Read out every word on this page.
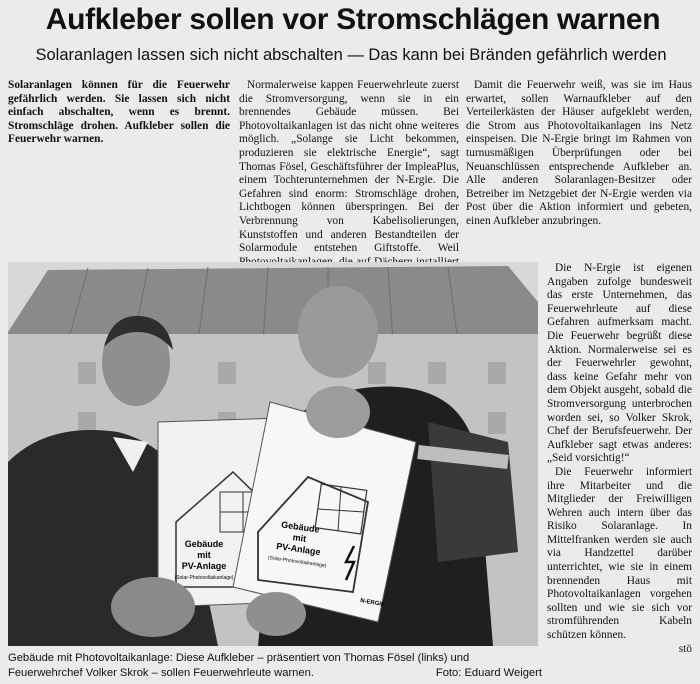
Aufkleber sollen vor Stromschlägen warnen
Solaranlagen lassen sich nicht abschalten — Das kann bei Bränden gefährlich werden

Solaranlagen können für die Feuerwehr gefährlich werden. Sie lassen sich nicht einfach abschalten, wenn es brennt. Stromschläge drohen. Aufkleber sollen die Feuerwehr warnen.

Normalerweise kappen Feuerwehrleute zuerst die Stromversorgung, wenn sie in ein brennendes Gebäude müssen. Bei Photovoltaikanlagen ist das nicht ohne weiteres möglich. „Solange sie Licht bekommen, produzieren sie elektrische Energie“, sagt Thomas Fösel, Geschäftsführer der ImpleaPlus, einem Tochterunternehmen der N-Ergie. Die Gefahren sind enorm: Stromschläge drohen, Lichtbogen können überspringen. Bei der Verbrennung von Kabelisolierungen, Kunststoffen und anderen Bestandteilen der Solarmodule entstehen Giftstoffe. Weil

Damit die Feuerwehr weiß, was sie im Haus erwartet, sollen Warnaufkleber auf den Verteilerkästen der Häuser aufgeklebt werden, die Strom aus Photovoltaikanlagen ins Netz einspeisen. Die N-Ergie bringt im Rahmen von turnusmäßigen Überprüfungen oder bei Neuanschlüssen entsprechende Aufkleber an. Alle anderen Solaranlagen-Besitzer oder Betreiber im Netzgebiet der N-Ergie werden via Post über die Aktion informiert und gebeten, einen Aufkleber anzubringen.

Die N-Ergie ist eigenen Angaben zufolge bundesweit das erste Unternehmen, das Feuerwehrleute auf diese Gefahren aufmerksam macht. Die Feuerwehr begrüßt diese Aktion. Normalerweise sei es der Feuerwehrler gewohnt, dass keine Gefahr mehr von dem Objekt ausgeht, sobald die Stromversorgung unterbrochen worden sei, so Volker Skrok, Chef der Berufsfeuerwehr. Der Aufkleber sagt etwas anderes: „Seid vorsichtig!“

Die Feuerwehr informiert ihre Mitarbeiter und die Mitglieder der Freiwilligen Wehren auch intern über das Risiko Solaranlage. In Mittelfranken werden sie auch via Handzettel darüber unterrichtet, wie sie in einem brennenden Haus mit Photovoltaikanlagen vorgehen sollten und wie sie sich vor stromführenden Kabeln schützen können.

stö

Gebäude
mit
PV-Anlage
(Solar-Photovoltaikanlage)
Gebäude
mit
PV-Anlage
(Solar-Photovoltaikanlage)
N-ERGIE
Gebäude mit Photovoltaikanlage: Diese Aufkleber – präsentiert von Thomas Fösel (links) und
Feuerwehrchef Volker Skrok – sollen Feuerwehrleute warnen.	Foto: Eduard Weigert
